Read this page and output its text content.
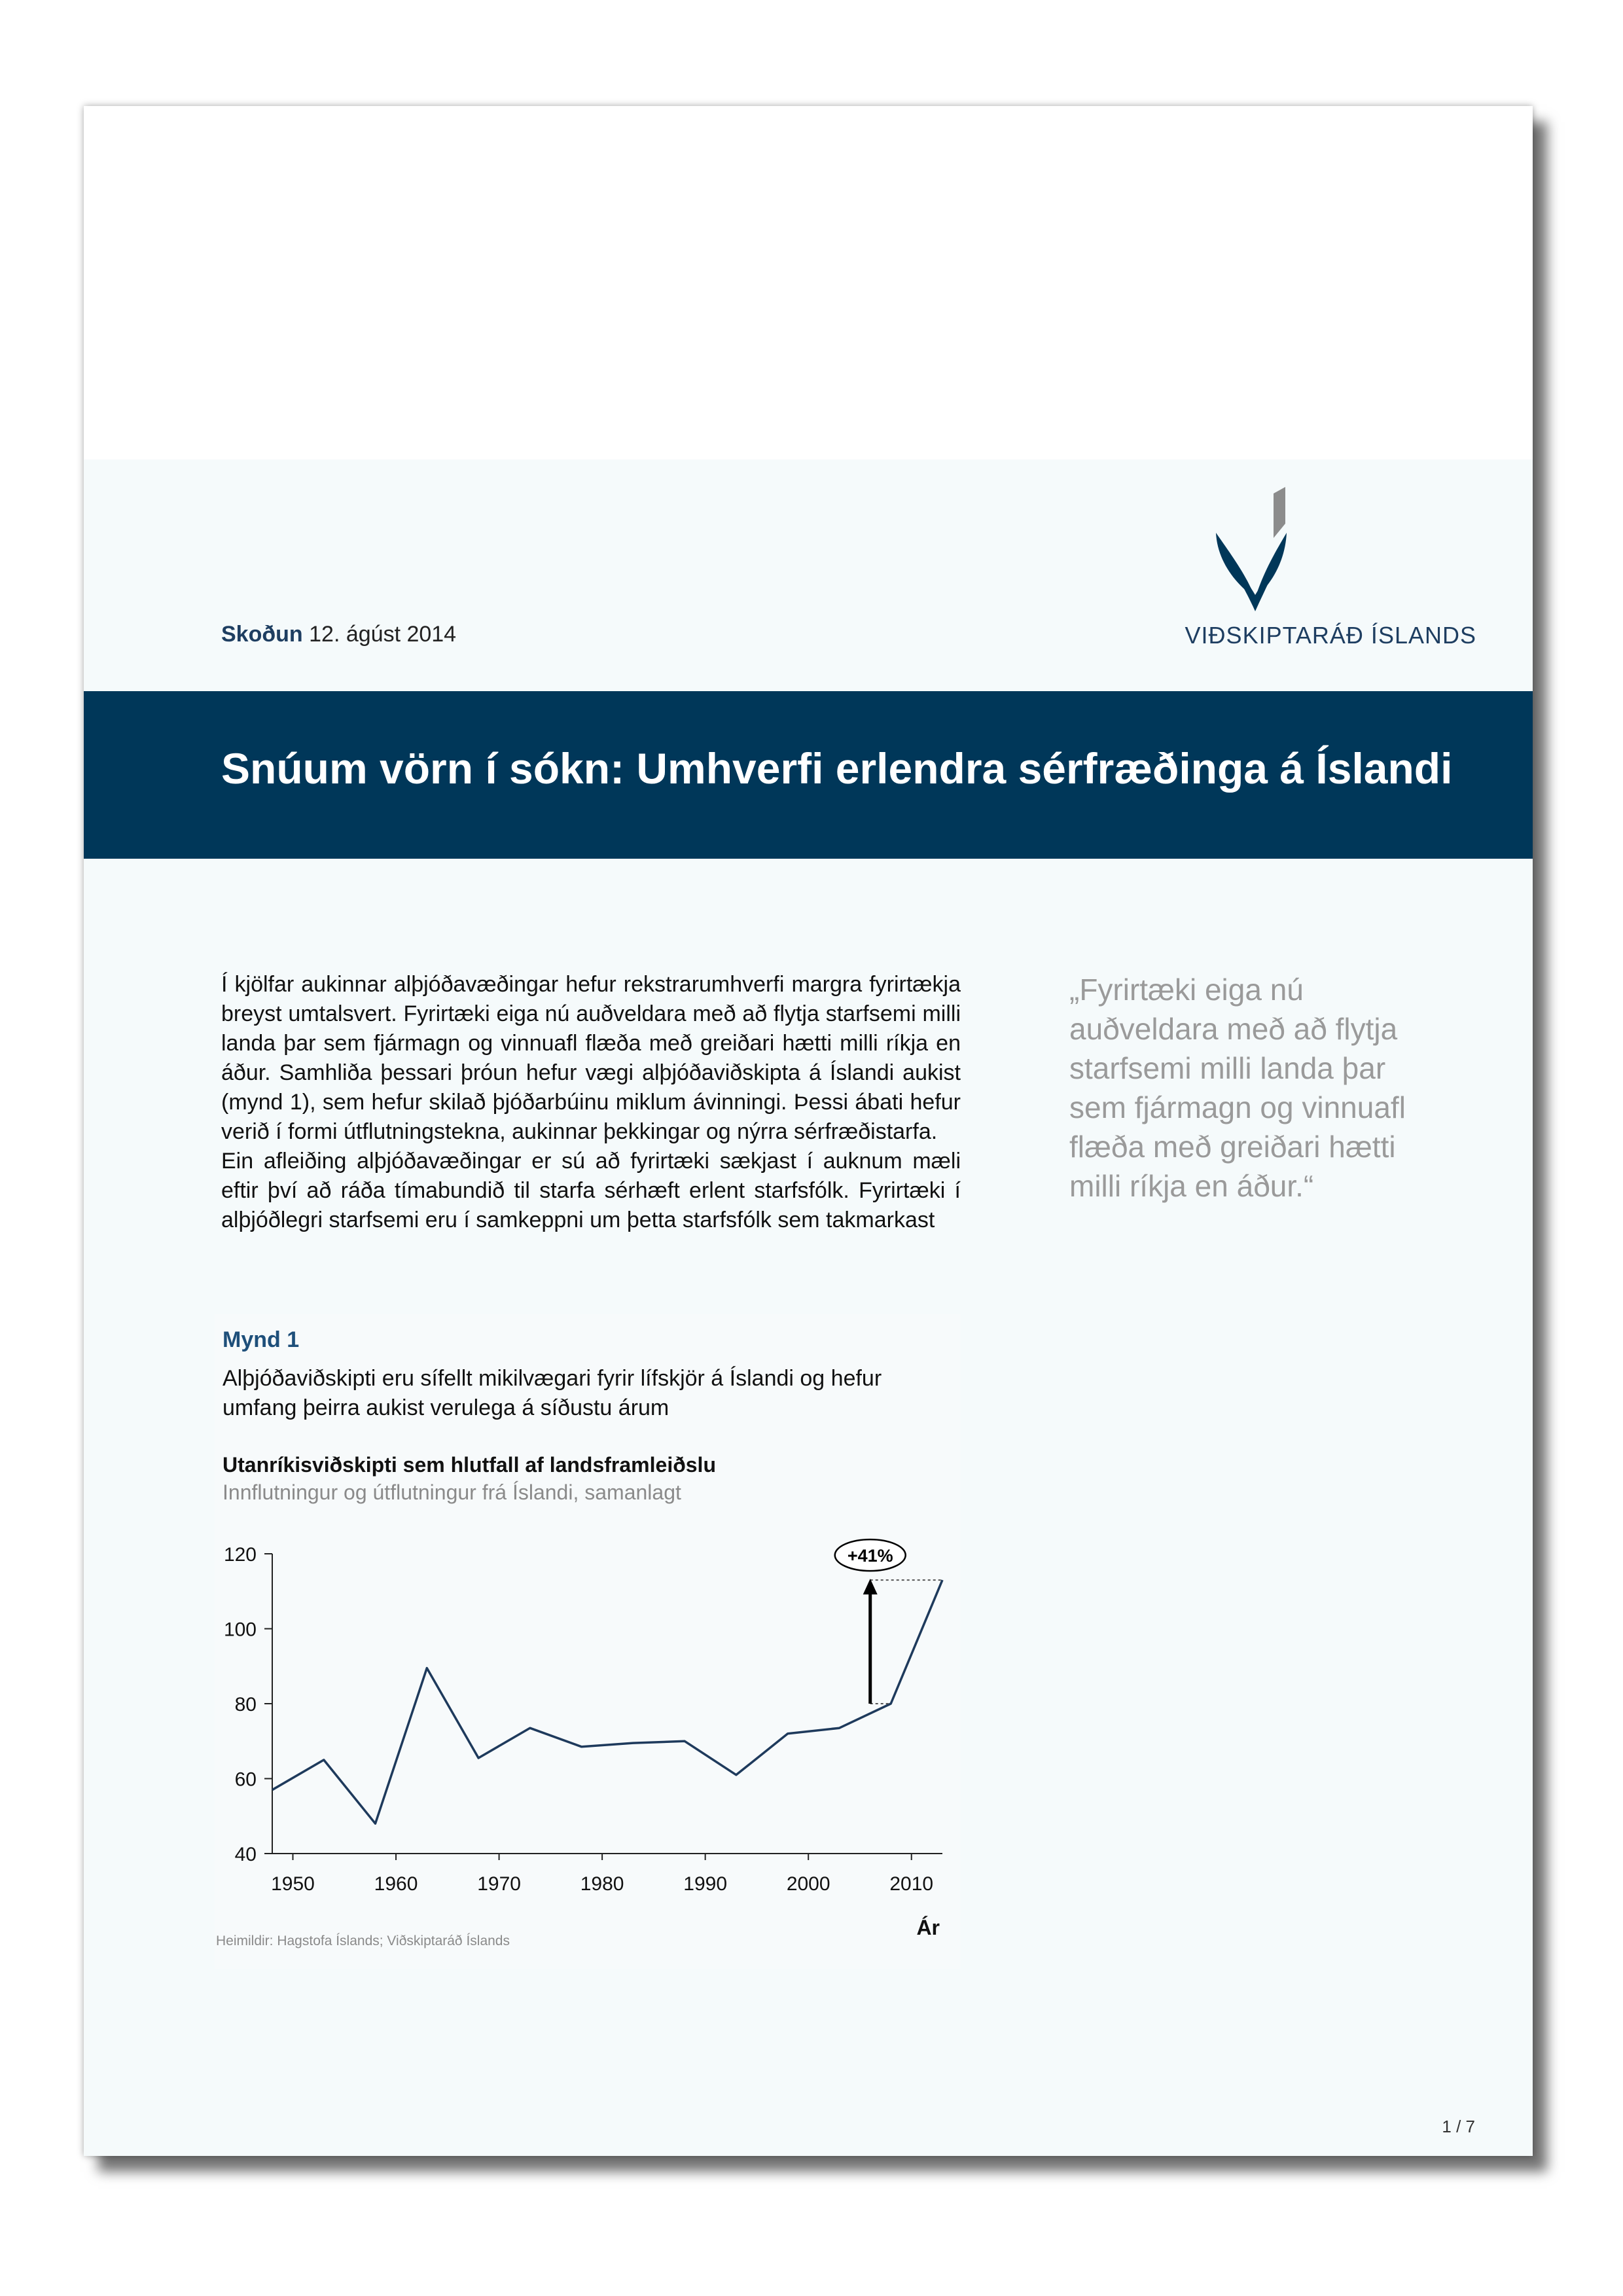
Skoðun 12. ágúst 2014	VIÐSKIPTARÁÐ ÍSLANDS
Snúum vörn í sókn: Umhverfi erlendra sérfræðinga á Íslandi

Í kjölfar aukinnar alþjóðavæðingar hefur rekstrarumhverfi margra fyrirtækja breyst umtalsvert. Fyrirtæki eiga nú auðveldara með að flytja starfsemi milli landa þar sem fjármagn og vinnuafl flæða með greiðari hætti milli ríkja en áður. Samhliða þessari þróun hefur vægi alþjóðaviðskipta á Íslandi aukist (mynd 1), sem hefur skilað þjóðarbúinu miklum ávinningi. Þessi ábati hefur verið í formi útflutningstekna, aukinnar þekkingar og nýrra sérfræðistarfa.

Ein afleiðing alþjóðavæðingar er sú að fyrirtæki sækjast í auknum mæli eftir því að ráða tímabundið til starfa sérhæft erlent starfsfólk. Fyrirtæki í alþjóðlegri starfsemi eru í samkeppni um þetta starfsfólk sem takmarkast

„Fyrirtæki eiga nú auðveldara með að flytja starfsemi milli landa þar sem fjármagn og vinnuafl flæða með greiðari hætti milli ríkja en áður.“

Mynd 1

Alþjóðaviðskipti eru sífellt mikilvægari fyrir lífskjör á Íslandi og hefur umfang þeirra aukist verulega á síðustu árum

Utanríkisviðskipti sem hlutfall af landsframleiðslu
Innflutningur og útflutningur frá Íslandi, samanlagt
40
60
80
100
120
1950	1960	1970	1980	1990	2000	2010
Ár
+41%
Heimildir: Hagstofa Íslands; Viðskiptaráð Íslands
1 / 7
